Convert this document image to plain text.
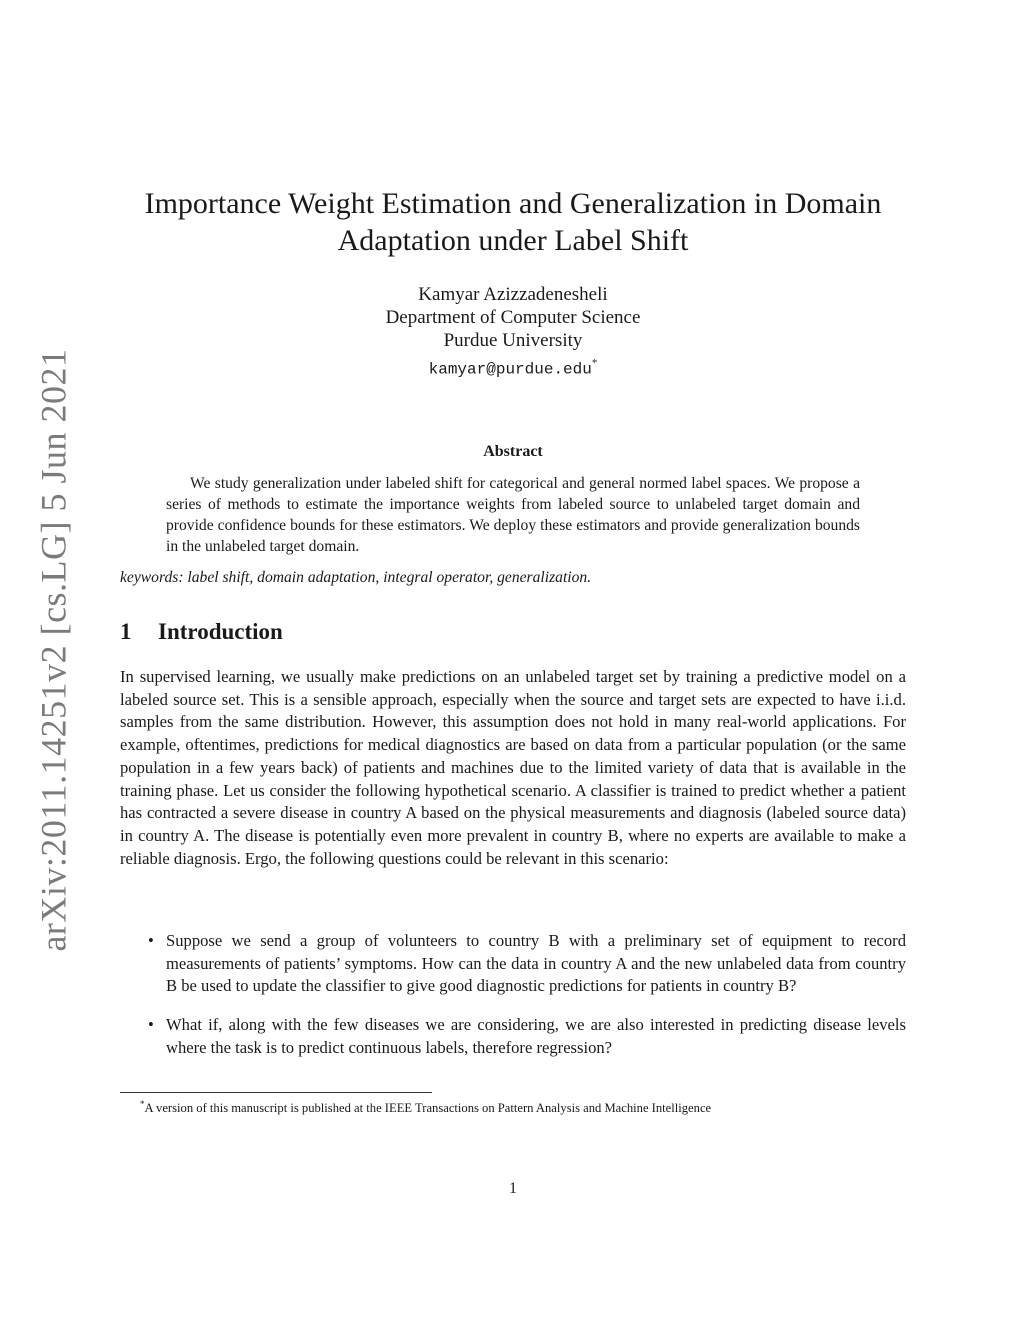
arXiv:2011.14251v2 [cs.LG] 5 Jun 2021
Importance Weight Estimation and Generalization in Domain
Adaptation under Label Shift
Kamyar Azizzadenesheli
Department of Computer Science
Purdue University
kamyar@purdue.edu*
Abstract

We study generalization under labeled shift for categorical and general normed label spaces. We propose a series of methods to estimate the importance weights from labeled source to unlabeled target domain and provide confidence bounds for these estimators. We deploy these estimators and provide generalization bounds in the unlabeled target domain.

keywords: label shift, domain adaptation, integral operator, generalization.

1 Introduction

In supervised learning, we usually make predictions on an unlabeled target set by training a predictive model on a labeled source set. This is a sensible approach, especially when the source and target sets are expected to have i.i.d. samples from the same distribution. However, this assumption does not hold in many real-world applications. For example, oftentimes, predictions for medical diagnostics are based on data from a particular population (or the same population in a few years back) of patients and machines due to the limited variety of data that is available in the training phase. Let us consider the following hypothetical scenario. A classifier is trained to predict whether a patient has contracted a severe disease in country A based on the physical measurements and diagnosis (labeled source data) in country A. The disease is potentially even more prevalent in country B, where no experts are available to make a reliable diagnosis. Ergo, the following questions could be relevant in this scenario:

• Suppose we send a group of volunteers to country B with a preliminary set of equipment to record measurements of patients’ symptoms. How can the data in country A and the new unlabeled data from country B be used to update the classifier to give good diagnostic predictions for patients in country B?
• What if, along with the few diseases we are considering, we are also interested in predicting disease levels where the task is to predict continuous labels, therefore regression?

*A version of this manuscript is published at the IEEE Transactions on Pattern Analysis and Machine Intelligence

1
